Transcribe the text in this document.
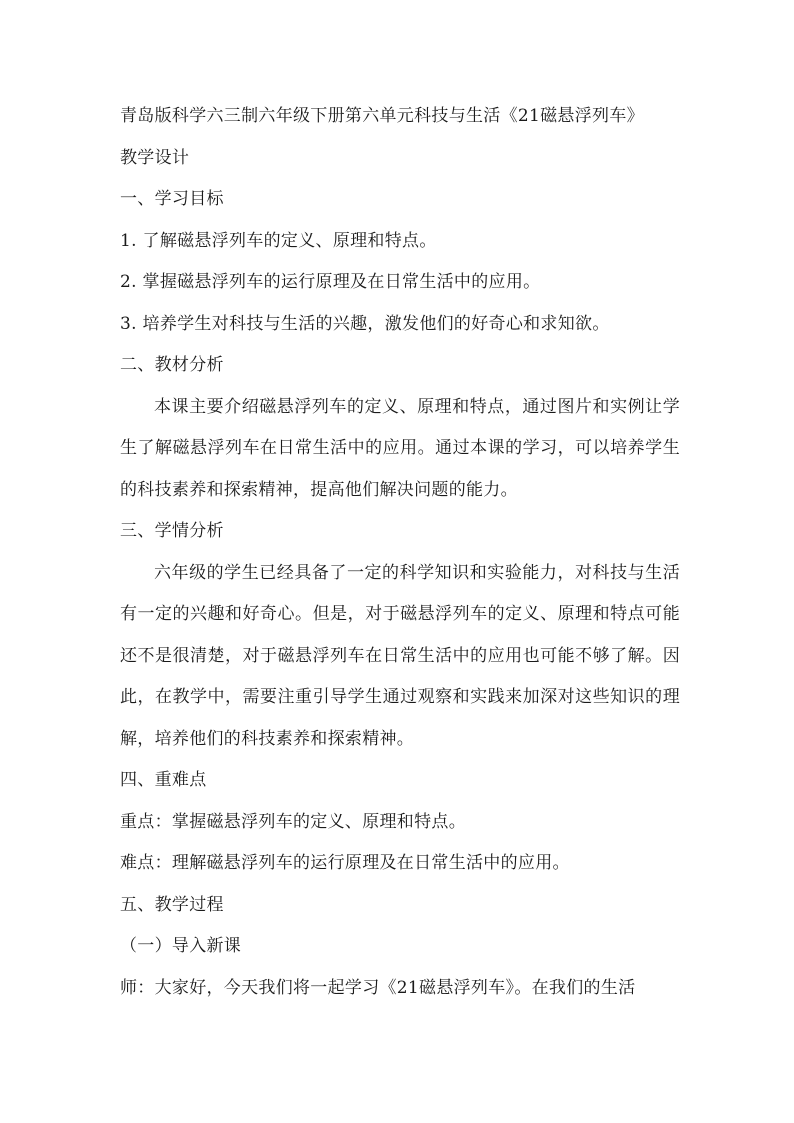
青岛版科学六三制六年级下册第六单元科技与生活《21磁悬浮列车》
教学设计
一、学习目标
1. 了解磁悬浮列车的定义、原理和特点。
2. 掌握磁悬浮列车的运行原理及在日常生活中的应用。
3. 培养学生对科技与生活的兴趣，激发他们的好奇心和求知欲。
二、教材分析
本课主要介绍磁悬浮列车的定义、原理和特点，通过图片和实例让学生了解磁悬浮列车在日常生活中的应用。通过本课的学习，可以培养学生的科技素养和探索精神，提高他们解决问题的能力。
三、学情分析
六年级的学生已经具备了一定的科学知识和实验能力，对科技与生活有一定的兴趣和好奇心。但是，对于磁悬浮列车的定义、原理和特点可能还不是很清楚，对于磁悬浮列车在日常生活中的应用也可能不够了解。因此，在教学中，需要注重引导学生通过观察和实践来加深对这些知识的理解，培养他们的科技素养和探索精神。
四、重难点
重点：掌握磁悬浮列车的定义、原理和特点。
难点：理解磁悬浮列车的运行原理及在日常生活中的应用。
五、教学过程
（一）导入新课
师：大家好，今天我们将一起学习《21磁悬浮列车》。在我们的生活
